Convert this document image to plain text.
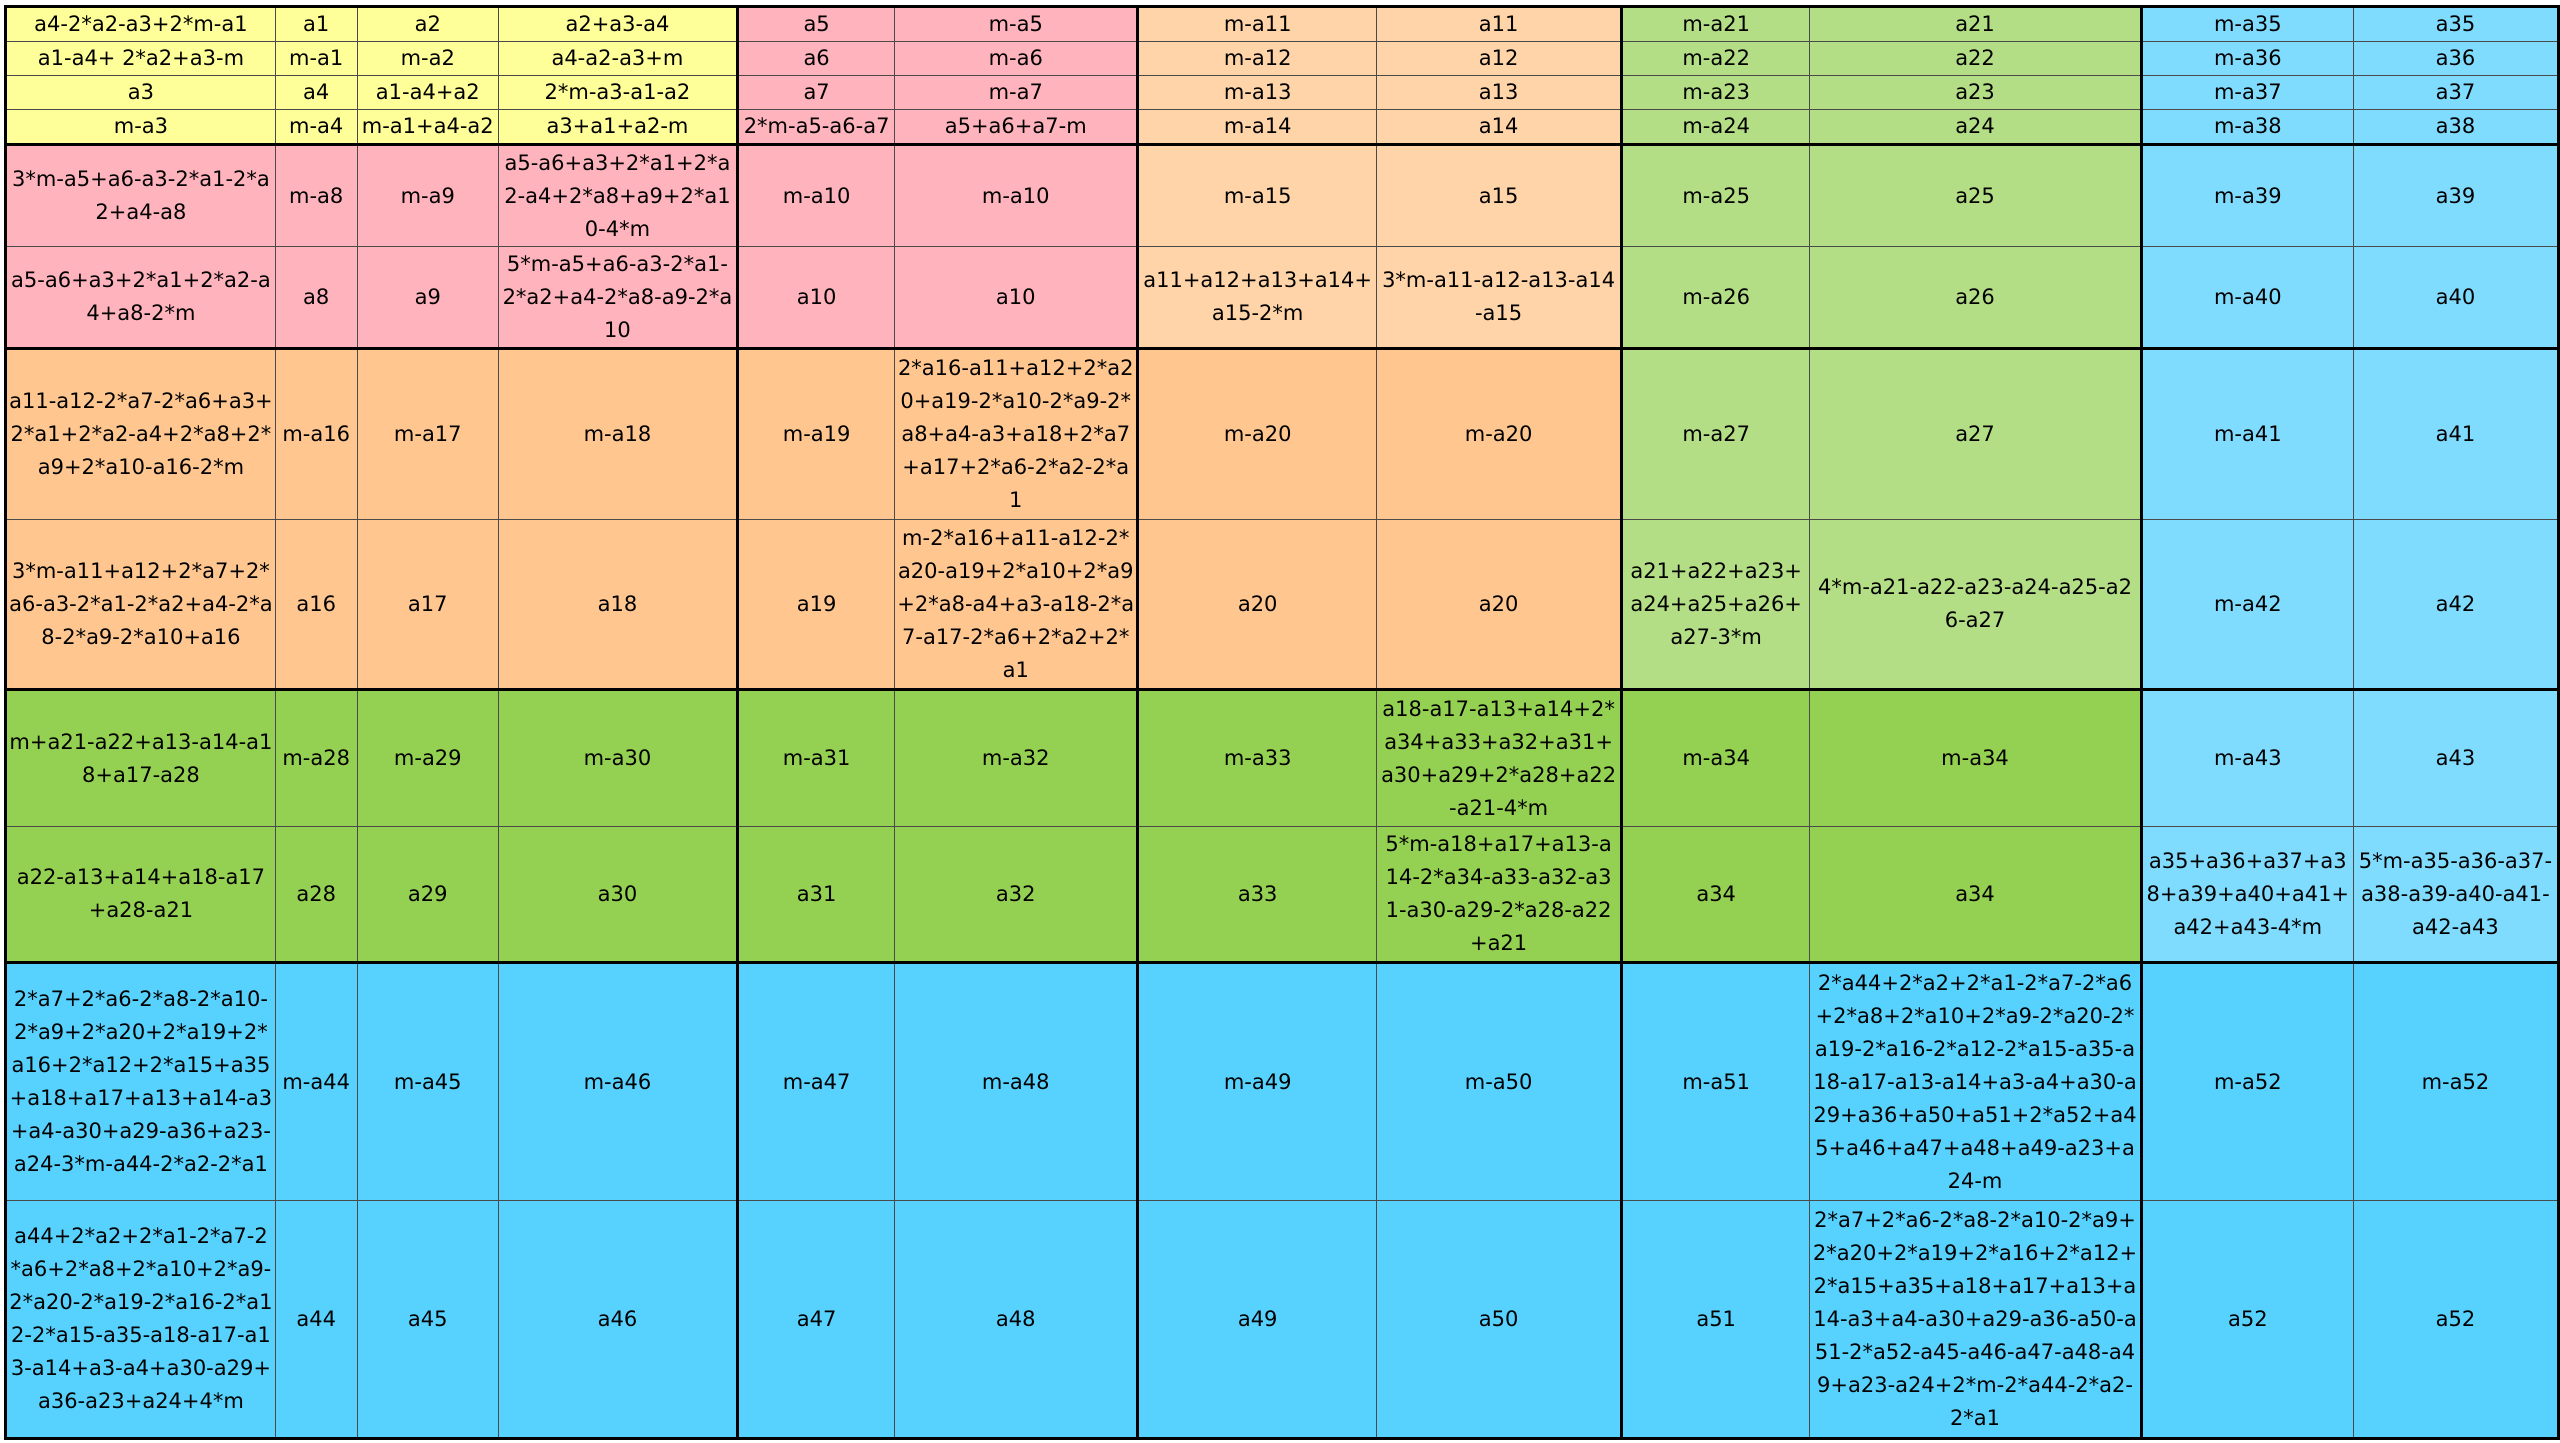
a4-2*a2-a3+2*m-a1	a1	a2	a2+a3-a4	a5	m-a5	m-a11	a11	m-a21	a21	m-a35	a35
a1-a4+ 2*a2+a3-m	m-a1	m-a2	a4-a2-a3+m	a6	m-a6	m-a12	a12	m-a22	a22	m-a36	a36
a3	a4	a1-a4+a2	2*m-a3-a1-a2	a7	m-a7	m-a13	a13	m-a23	a23	m-a37	a37
m-a3	m-a4	m-a1+a4-a2	a3+a1+a2-m	2*m-a5-a6-a7	a5+a6+a7-m	m-a14	a14	m-a24	a24	m-a38	a38
3*m-a5+a6-a3-2*a1-2*a2+a4-a8	m-a8	m-a9	a5-a6+a3+2*a1+2*a2-a4+2*a8+a9+2*a10-4*m	m-a10	m-a10	m-a15	a15	m-a25	a25	m-a39	a39
a5-a6+a3+2*a1+2*a2-a4+a8-2*m	a8	a9	5*m-a5+a6-a3-2*a1-2*a2+a4-2*a8-a9-2*a10	a10	a10	a11+a12+a13+a14+a15-2*m	3*m-a11-a12-a13-a14-a15	m-a26	a26	m-a40	a40
a11-a12-2*a7-2*a6+a3+2*a1+2*a2-a4+2*a8+2*a9+2*a10-a16-2*m	m-a16	m-a17	m-a18	m-a19	2*a16-a11+a12+2*a20+a19-2*a10-2*a9-2*a8+a4-a3+a18+2*a7+a17+2*a6-2*a2-2*a1	m-a20	m-a20	m-a27	a27	m-a41	a41
3*m-a11+a12+2*a7+2*a6-a3-2*a1-2*a2+a4-2*a8-2*a9-2*a10+a16	a16	a17	a18	a19	m-2*a16+a11-a12-2*a20-a19+2*a10+2*a9+2*a8-a4+a3-a18-2*a7-a17-2*a6+2*a2+2*a1	a20	a20	a21+a22+a23+a24+a25+a26+a27-3*m	4*m-a21-a22-a23-a24-a25-a26-a27	m-a42	a42
m+a21-a22+a13-a14-a18+a17-a28	m-a28	m-a29	m-a30	m-a31	m-a32	m-a33	a18-a17-a13+a14+2*a34+a33+a32+a31+a30+a29+2*a28+a22-a21-4*m	m-a34	m-a34	m-a43	a43
a22-a13+a14+a18-a17+a28-a21	a28	a29	a30	a31	a32	a33	5*m-a18+a17+a13-a14-2*a34-a33-a32-a31-a30-a29-2*a28-a22+a21	a34	a34	a35+a36+a37+a38+a39+a40+a41+a42+a43-4*m	5*m-a35-a36-a37-a38-a39-a40-a41-a42-a43
2*a7+2*a6-2*a8-2*a10-2*a9+2*a20+2*a19+2*a16+2*a12+2*a15+a35+a18+a17+a13+a14-a3+a4-a30+a29-a36+a23-a24-3*m-a44-2*a2-2*a1	m-a44	m-a45	m-a46	m-a47	m-a48	m-a49	m-a50	m-a51	2*a44+2*a2+2*a1-2*a7-2*a6+2*a8+2*a10+2*a9-2*a20-2*a19-2*a16-2*a12-2*a15-a35-a18-a17-a13-a14+a3-a4+a30-a29+a36+a50+a51+2*a52+a45+a46+a47+a48+a49-a23+a24-m	m-a52	m-a52
a44+2*a2+2*a1-2*a7-2*a6+2*a8+2*a10+2*a9-2*a20-2*a19-2*a16-2*a12-2*a15-a35-a18-a17-a13-a14+a3-a4+a30-a29+a36-a23+a24+4*m	a44	a45	a46	a47	a48	a49	a50	a51	2*a7+2*a6-2*a8-2*a10-2*a9+2*a20+2*a19+2*a16+2*a12+2*a15+a35+a18+a17+a13+a14-a3+a4-a30+a29-a36-a50-a51-2*a52-a45-a46-a47-a48-a49+a23-a24+2*m-2*a44-2*a2-2*a1	a52	a52
